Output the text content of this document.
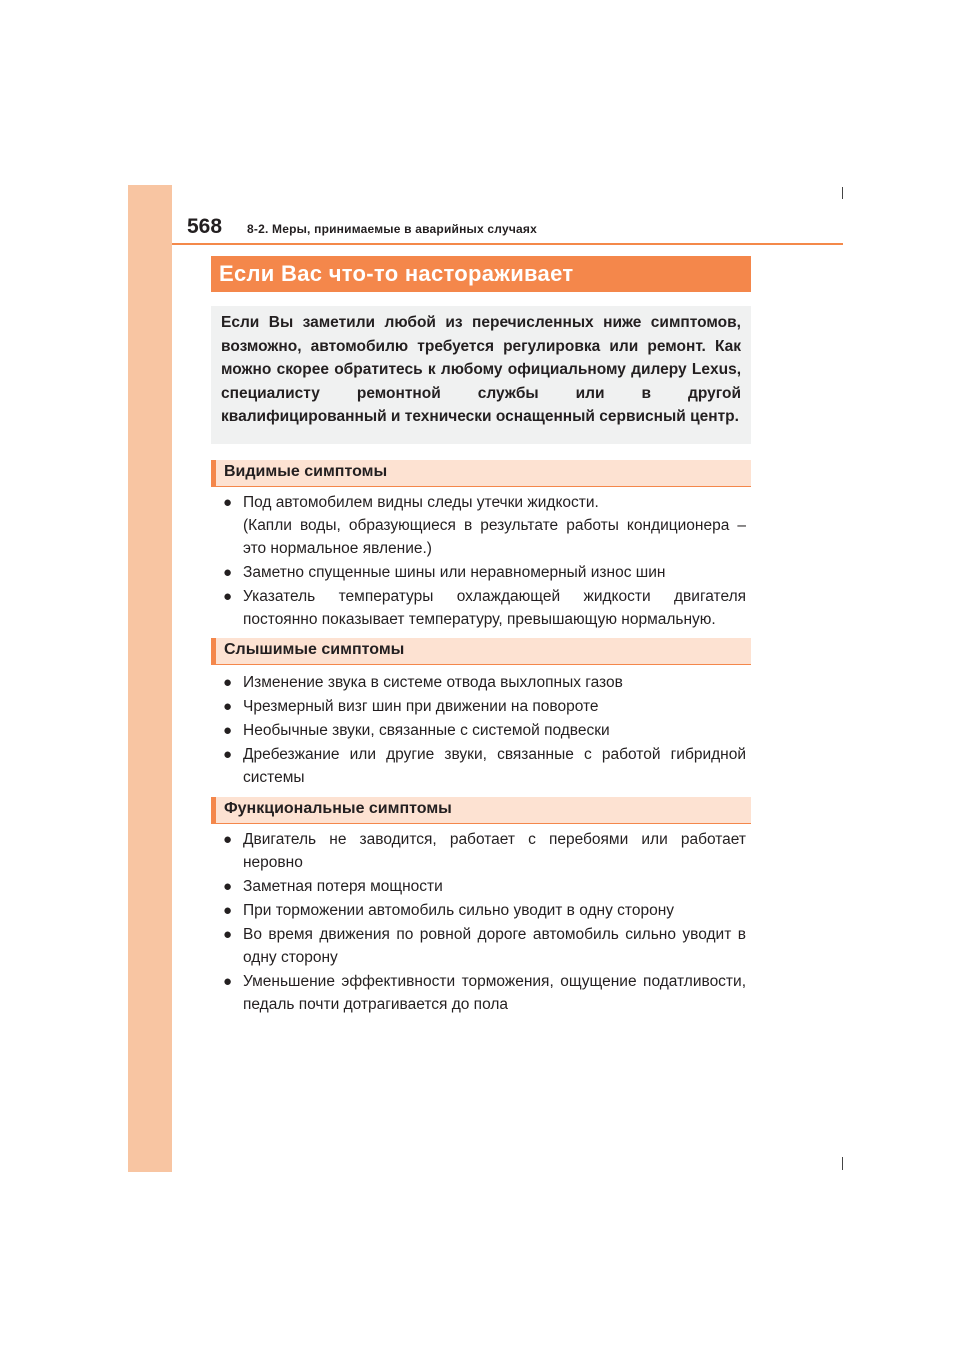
568 8-2. Меры, принимаемые в аварийных случаях
Если Вас что-то настораживает
Если Вы заметили любой из перечисленных ниже симптомов, возможно, автомобилю требуется регулировка или ремонт. Как можно скорее обратитесь к любому официальному дилеру Lexus, специалисту ремонтной службы или в другой квалифицированный и технически оснащенный сервисный центр.
Видимые симптомы
● Под автомобилем видны следы утечки жидкости.
(Капли воды, образующиеся в результате работы кондиционера – это нормальное явление.)
● Заметно спущенные шины или неравномерный износ шин
● Указатель температуры охлаждающей жидкости двигателя постоянно показывает температуру, превышающую нормальную.
Слышимые симптомы
● Изменение звука в системе отвода выхлопных газов
● Чрезмерный визг шин при движении на повороте
● Необычные звуки, связанные с системой подвески
● Дребезжание или другие звуки, связанные с работой гибридной системы
Функциональные симптомы
● Двигатель не заводится, работает с перебоями или работает неровно
● Заметная потеря мощности
● При торможении автомобиль сильно уводит в одну сторону
● Во время движения по ровной дороге автомобиль сильно уводит в одну сторону
● Уменьшение эффективности торможения, ощущение податливости, педаль почти дотрагивается до пола
